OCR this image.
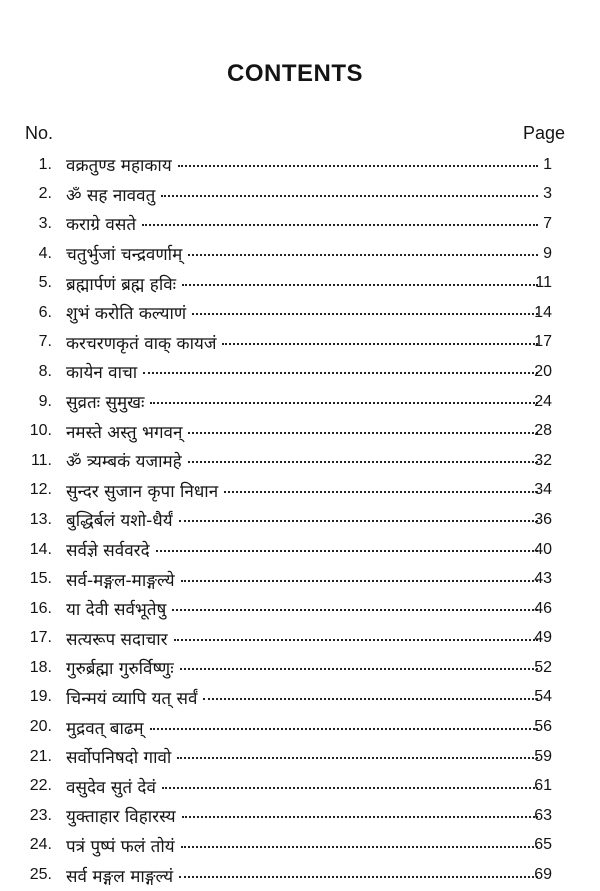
CONTENTS
No.	Page
1. वक्रतुण्ड महाकाय	1
2. ॐ सह नाववतु	3
3. कराग्रे वसते	7
4. चतुर्भुजां चन्द्रवर्णाम्	9
5. ब्रह्मार्पणं ब्रह्म हविः	11
6. शुभं करोति कल्याणं	14
7. करचरणकृतं वाक् कायजं	17
8. कायेन वाचा	20
9. सुव्रतः सुमुखः	24
10. नमस्ते अस्तु भगवन्	28
11. ॐ त्र्यम्बकं यजामहे	32
12. सुन्दर सुजान कृपा निधान	34
13. बुद्धिर्बलं यशो-धैर्यं	36
14. सर्वज्ञे सर्ववरदे	40
15. सर्व-मङ्गल-माङ्गल्ये	43
16. या देवी सर्वभूतेषु	46
17. सत्यरूप सदाचार	49
18. गुरुर्ब्रह्मा गुरुर्विष्णुः	52
19. चिन्मयं व्यापि यत् सर्वं	54
20. मुद्रवत् बाढम्	56
21. सर्वोपनिषदो गावो	59
22. वसुदेव सुतं देवं	61
23. युक्ताहार विहारस्य	63
24. पत्रं पुष्पं फलं तोयं	65
25. सर्व मङ्गल माङ्गल्यं	69
